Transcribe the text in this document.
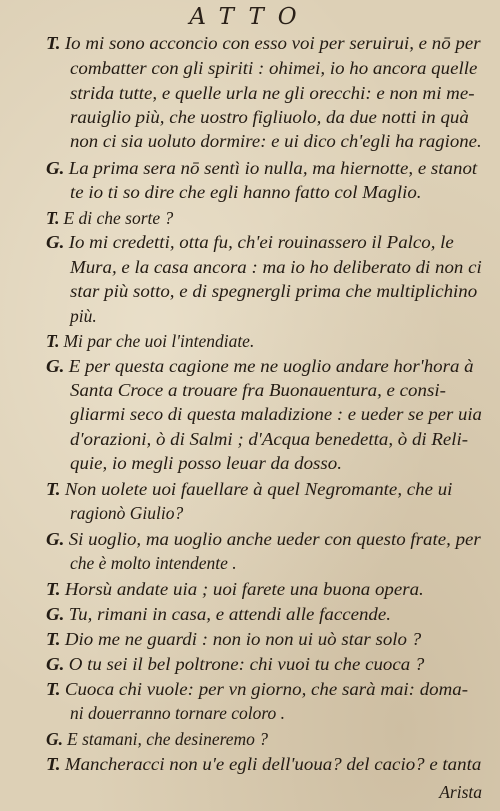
ATTO
T. Io mi sono acconcio con esso voi per seruirui, e nō per
combatter con gli spiriti : ohimei, io ho ancora quelle
strida tutte, e quelle urla ne gli orecchi: e non mi me-
rauiglio più, che uostro figliuolo, da due notti in quà
non ci sia uoluto dormire: e ui dico ch'egli ha ragione.
G. La prima sera nō sentì io nulla, ma hiernotte, e stanot
te io ti so dire che egli hanno fatto col Maglio.
T. E di che sorte ?
G. Io mi credetti, otta fu, ch'ei rouinassero il Palco, le
Mura, e la casa ancora : ma io ho deliberato di non ci
star più sotto, e di spegnergli prima che multiplichino
più.
T. Mi par che uoi l'intendiate.
G. E per questa cagione me ne uoglio andare hor'hora à
Santa Croce a trouare fra Buonauentura, e consi-
gliarmi seco di questa maladizione : e ueder se per uia
d'orazioni, ò di Salmi ; d'Acqua benedetta, ò di Reli-
quie, io megli posso leuar da dosso.
T. Non uolete uoi fauellare à quel Negromante, che ui
ragionò Giulio?
G. Si uoglio, ma uoglio anche ueder con questo frate, per
che è molto intendente .
T. Horsù andate uia ; uoi farete una buona opera.
G. Tu, rimani in casa, e attendi alle faccende.
T. Dio me ne guardi : non io non ui uò star solo ?
G. O tu sei il bel poltrone: chi vuoi tu che cuoca ?
T. Cuoca chi vuole: per vn giorno, che sarà mai: doma-
ni douerranno tornare coloro .
G. E stamani, che desineremo ?
T. Mancheracci non u'e egli dell'uoua? del cacio? e tanta
Arista
